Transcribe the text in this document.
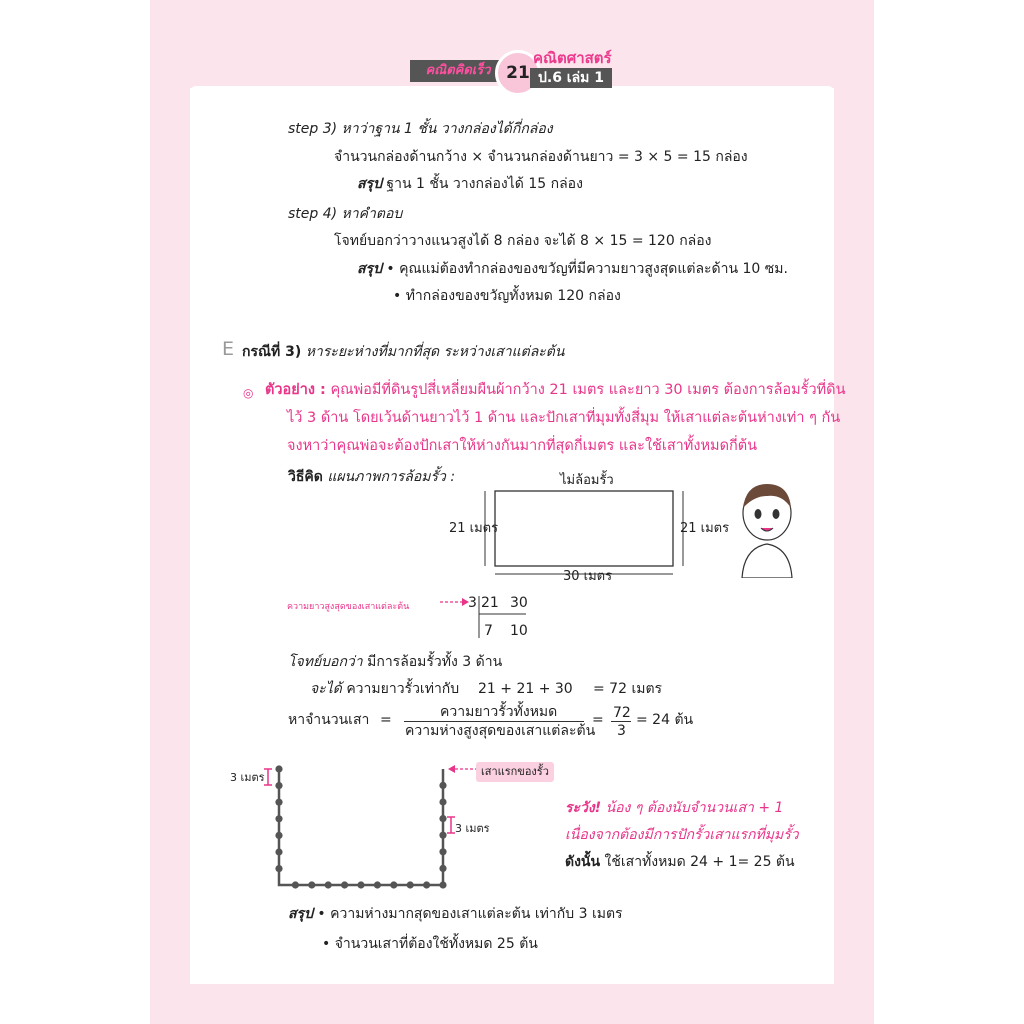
คณิตคิดเร็ว 21
คณิตศาสตร์
ป.6 เล่ม 1
step 3) หาว่าฐาน 1 ชั้น วางกล่องได้กี่กล่อง
จำนวนกล่องด้านกว้าง × จำนวนกล่องด้านยาว = 3 × 5 = 15 กล่อง
สรุป ฐาน 1 ชั้น วางกล่องได้ 15 กล่อง
step 4) หาคำตอบ
โจทย์บอกว่าวางแนวสูงได้ 8 กล่อง จะได้ 8 × 15 = 120 กล่อง
สรุป • คุณแม่ต้องทำกล่องของขวัญที่มีความยาวสูงสุดแต่ละด้าน 10 ซม.
• ทำกล่องของขวัญทั้งหมด 120 กล่อง
E กรณีที่ 3) หาระยะห่างที่มากที่สุด ระหว่างเสาแต่ละต้น
◎ ตัวอย่าง : คุณพ่อมีที่ดินรูปสี่เหลี่ยมผืนผ้ากว้าง 21 เมตร และยาว 30 เมตร ต้องการล้อมรั้วที่ดิน
ไว้ 3 ด้าน โดยเว้นด้านยาวไว้ 1 ด้าน และปักเสาที่มุมทั้งสี่มุม ให้เสาแต่ละต้นห่างเท่า ๆ กัน
จงหาว่าคุณพ่อจะต้องปักเสาให้ห่างกันมากที่สุดกี่เมตร และใช้เสาทั้งหมดกี่ต้น
วิธีคิด แผนภาพการล้อมรั้ว :	ไม่ล้อมรั้ว
21 เมตร	21 เมตร
30 เมตร
ความยาวสูงสุดของเสาแต่ละต้น	3 21 30
7 10
โจทย์บอกว่า มีการล้อมรั้วทั้ง 3 ด้าน
จะได้ ความยาวรั้วเท่ากับ 21 + 21 + 30 = 72 เมตร
หาจำนวนเสา =	ความยาวรั้วทั้งหมด
ความห่างสูงสุดของเสาแต่ละต้น
= 72
3
= 24 ต้น
3 เมตร
3 เมตร
เสาแรกของรั้ว
ระวัง! น้อง ๆ ต้องนับจำนวนเสา + 1
เนื่องจากต้องมีการปักรั้วเสาแรกที่มุมรั้ว
ดังนั้น ใช้เสาทั้งหมด 24 + 1= 25 ต้น
สรุป • ความห่างมากสุดของเสาแต่ละต้น เท่ากับ 3 เมตร
• จำนวนเสาที่ต้องใช้ทั้งหมด 25 ต้น
